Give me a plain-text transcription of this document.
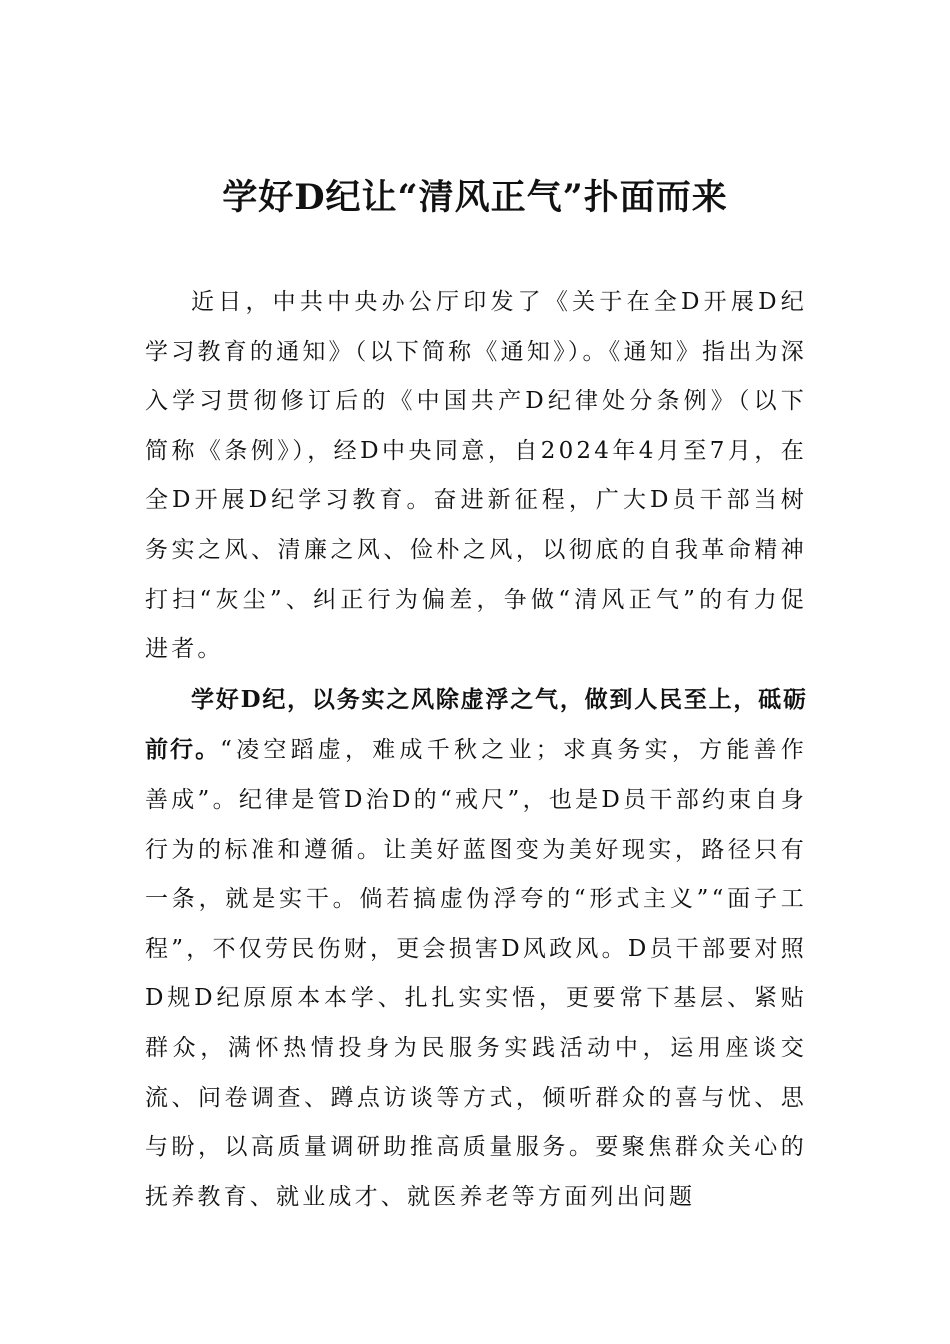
学好D纪让“清风正气”扑面而来

近日，中共中央办公厅印发了《关于在全D开展D纪学习教育的通知》（以下简称《通知》）。《通知》指出为深入学习贯彻修订后的《中国共产D纪律处分条例》（以下简称《条例》），经D中央同意，自2024年4月至7月，在全D开展D纪学习教育。奋进新征程，广大D员干部当树务实之风、清廉之风、俭朴之风，以彻底的自我革命精神打扫“灰尘”、纠正行为偏差，争做“清风正气”的有力促进者。

学好D纪，以务实之风除虚浮之气，做到人民至上，砥砺前行。“凌空蹈虚，难成千秋之业；求真务实，方能善作善成”。纪律是管D治D的“戒尺”，也是D员干部约束自身行为的标准和遵循。让美好蓝图变为美好现实，路径只有一条，就是实干。倘若搞虚伪浮夸的“形式主义”“面子工程”，不仅劳民伤财，更会损害D风政风。D员干部要对照D规D纪原原本本学、扎扎实实悟，更要常下基层、紧贴群众，满怀热情投身为民服务实践活动中，运用座谈交流、问卷调查、蹲点访谈等方式，倾听群众的喜与忧、思与盼，以高质量调研助推高质量服务。要聚焦群众关心的抚养教育、就业成才、就医养老等方面列出问题
